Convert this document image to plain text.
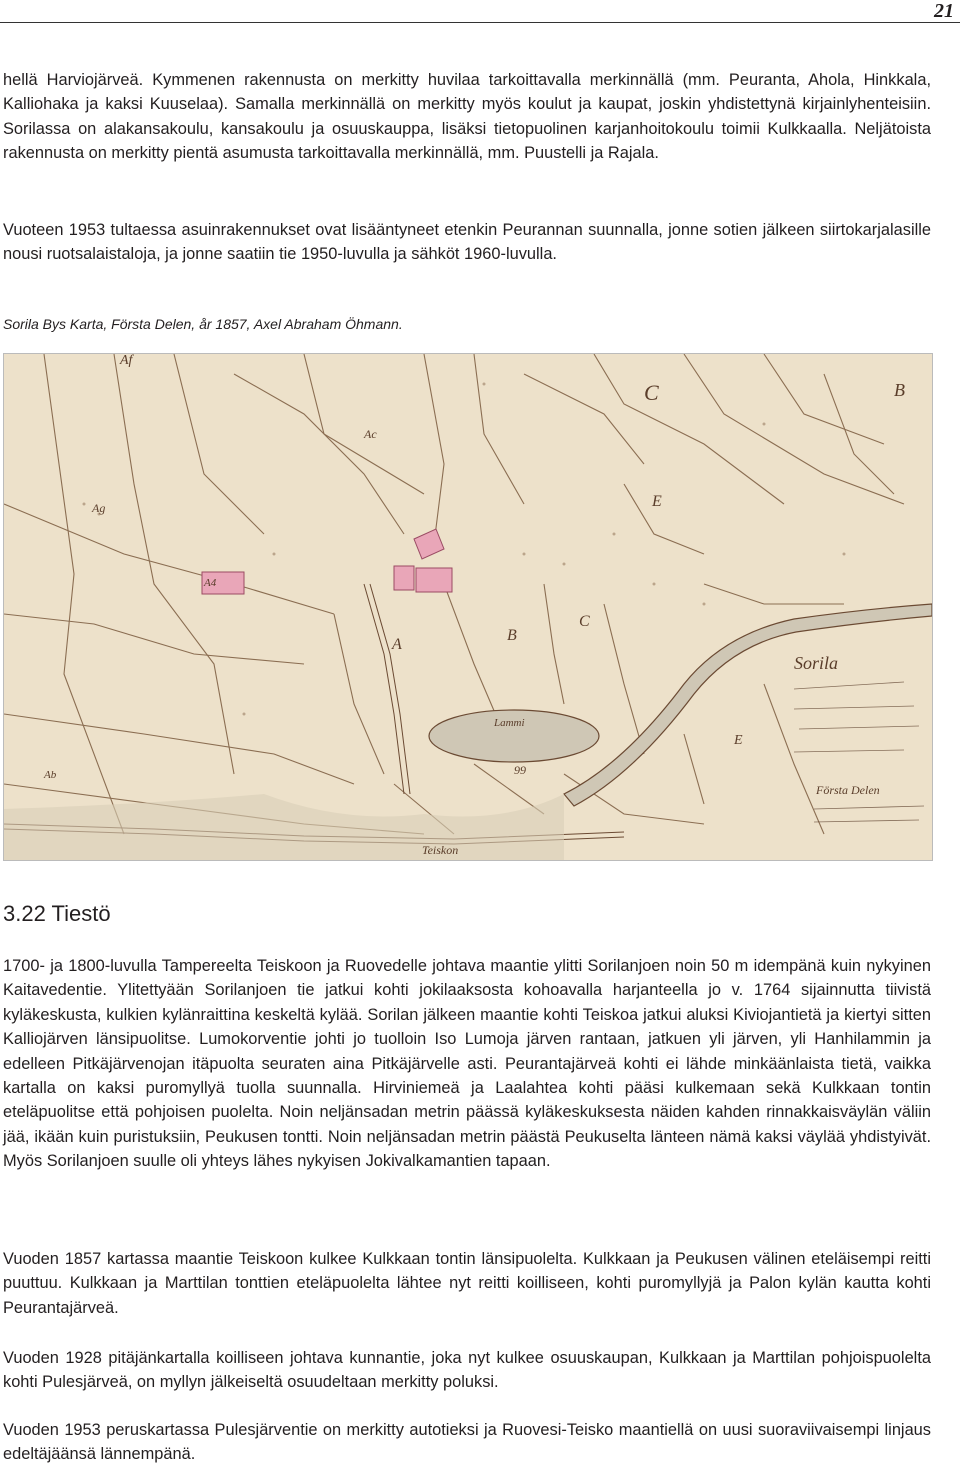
21

hellä Harviojärveä. Kymmenen rakennusta on merkitty huvilaa tarkoittavalla merkinnällä (mm. Peuranta, Ahola, Hinkkala, Kalliohaka ja kaksi Kuuselaa). Samalla merkinnällä on merkitty myös koulut ja kaupat, joskin yhdistettynä kirjainlyhenteisiin. Sorilassa on alakansakoulu, kansakoulu ja osuuskauppa, lisäksi tietopuolinen karjanhoitokoulu toimii Kulkkaalla. Neljätoista rakennusta on merkitty pientä asumusta tarkoittavalla merkinnällä, mm. Puustelli ja Rajala.

Vuoteen 1953 tultaessa asuinrakennukset ovat lisääntyneet etenkin Peurannan suunnalla, jonne sotien jälkeen siirtokarjalasille nousi ruotsalaistaloja, ja jonne saatiin tie 1950-luvulla ja sähköt 1960-luvulla.

Sorila Bys Karta, Första Delen, år 1857, Axel Abraham Öhmann.

Af
B
C
Ac
E
Ag
A
A4
B
C
Lammi
Ab	99
E
Sorila
Första Delen
Teiskon
3.22 Tiestö

1700- ja 1800-luvulla Tampereelta Teiskoon ja Ruovedelle johtava maantie ylitti Sorilanjoen noin 50 m idempänä kuin nykyinen Kaitavedentie. Ylitettyään Sorilanjoen tie jatkui kohti jokilaaksosta kohoavalla harjanteella jo v. 1764 sijainnutta tiivistä kyläkeskusta, kulkien kylänraittina keskeltä kylää. Sorilan jälkeen maantie kohti Teiskoa jatkui aluksi Kiviojantietä ja kiertyi sitten Kalliojärven länsipuolitse. Lumokorventie johti jo tuolloin Iso Lumoja järven rantaan, jatkuen yli järven, yli Hanhilammin ja edelleen Pitkäjärvenojan itäpuolta seuraten aina Pitkäjärvelle asti. Peurantajärveä kohti ei lähde minkäänlaista tietä, vaikka kartalla on kaksi puromyllyä tuolla suunnalla. Hirviniemeä ja Laalahtea kohti pääsi kulkemaan sekä Kulkkaan tontin eteläpuolitse että pohjoisen puolelta. Noin neljänsadan metrin päässä kyläkeskuksesta näiden kahden rinnakkaisväylän väliin jää, ikään kuin puristuksiin, Peukusen tontti. Noin neljänsadan metrin päästä Peukuselta länteen nämä kaksi väylää yhdistyivät. Myös Sorilanjoen suulle oli yhteys lähes nykyisen Jokivalkamantien tapaan.

Vuoden 1857 kartassa maantie Teiskoon kulkee Kulkkaan tontin länsipuolelta. Kulkkaan ja Peukusen välinen eteläisempi reitti puuttuu. Kulkkaan ja Marttilan tonttien eteläpuolelta lähtee nyt reitti koilliseen, kohti puromyllyjä ja Palon kylän kautta kohti Peurantajärveä.

Vuoden 1928 pitäjänkartalla koilliseen johtava kunnantie, joka nyt kulkee osuuskaupan, Kulkkaan ja Marttilan pohjoispuolelta kohti Pulesjärveä, on myllyn jälkeiseltä osuudeltaan merkitty poluksi.

Vuoden 1953 peruskartassa Pulesjärventie on merkitty autotieksi ja Ruovesi-Teisko maantiellä on uusi suoraviivaisempi linjaus edeltäjäänsä lännempänä.
